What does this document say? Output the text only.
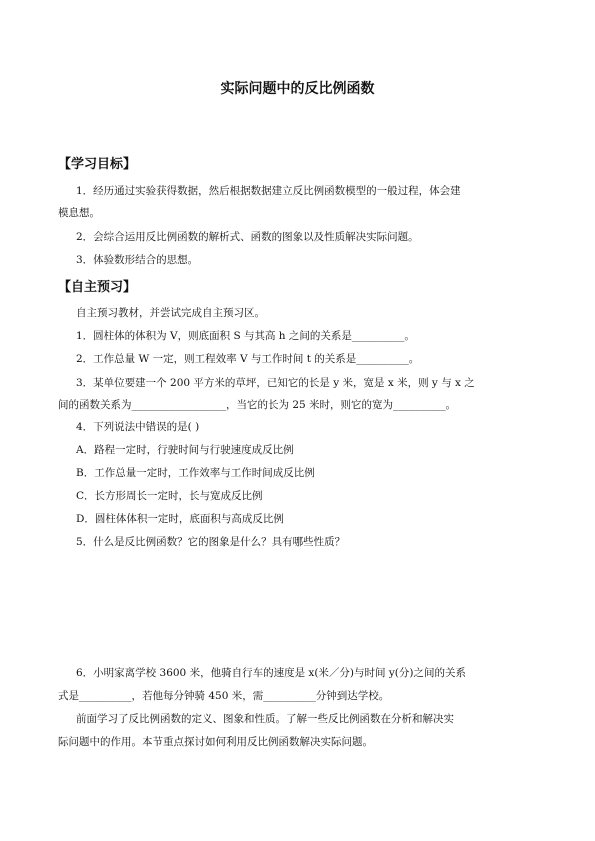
实际问题中的反比例函数
【学习目标】
1．经历通过实验获得数据，然后根据数据建立反比例函数模型的一般过程，体会建
模息想。
2．会综合运用反比例函数的解析式、函数的图象以及性质解决实际问题。
3．体验数形结合的思想。
【自主预习】
自主预习教材，并尝试完成自主预习区。
1．圆柱体的体积为 V，则底面积 S 与其高 h 之间的关系是__________。
2．工作总量 W 一定，则工程效率 V 与工作时间 t 的关系是__________。
3．某单位要建一个 200 平方米的草坪，已知它的长是 y 米，宽是 x 米，则 y 与 x 之
间的函数关系为__________________，当它的长为 25 米时，则它的宽为__________。
4．下列说法中错误的是( )
A．路程一定时，行驶时间与行驶速度成反比例
B．工作总量一定时，工作效率与工作时间成反比例
C．长方形周长一定时，长与宽成反比例
D．圆柱体体积一定时，底面积与高成反比例
5．什么是反比例函数？它的图象是什么？具有哪些性质？
6．小明家离学校 3600 米，他骑自行车的速度是 x(米／分)与时间 y(分)之间的关系
式是__________，若他每分钟骑 450 米，需__________分钟到达学校。
前面学习了反比例函数的定义、图象和性质。了解一些反比例函数在分析和解决实
际问题中的作用。本节重点探讨如何利用反比例函数解决实际问题。
